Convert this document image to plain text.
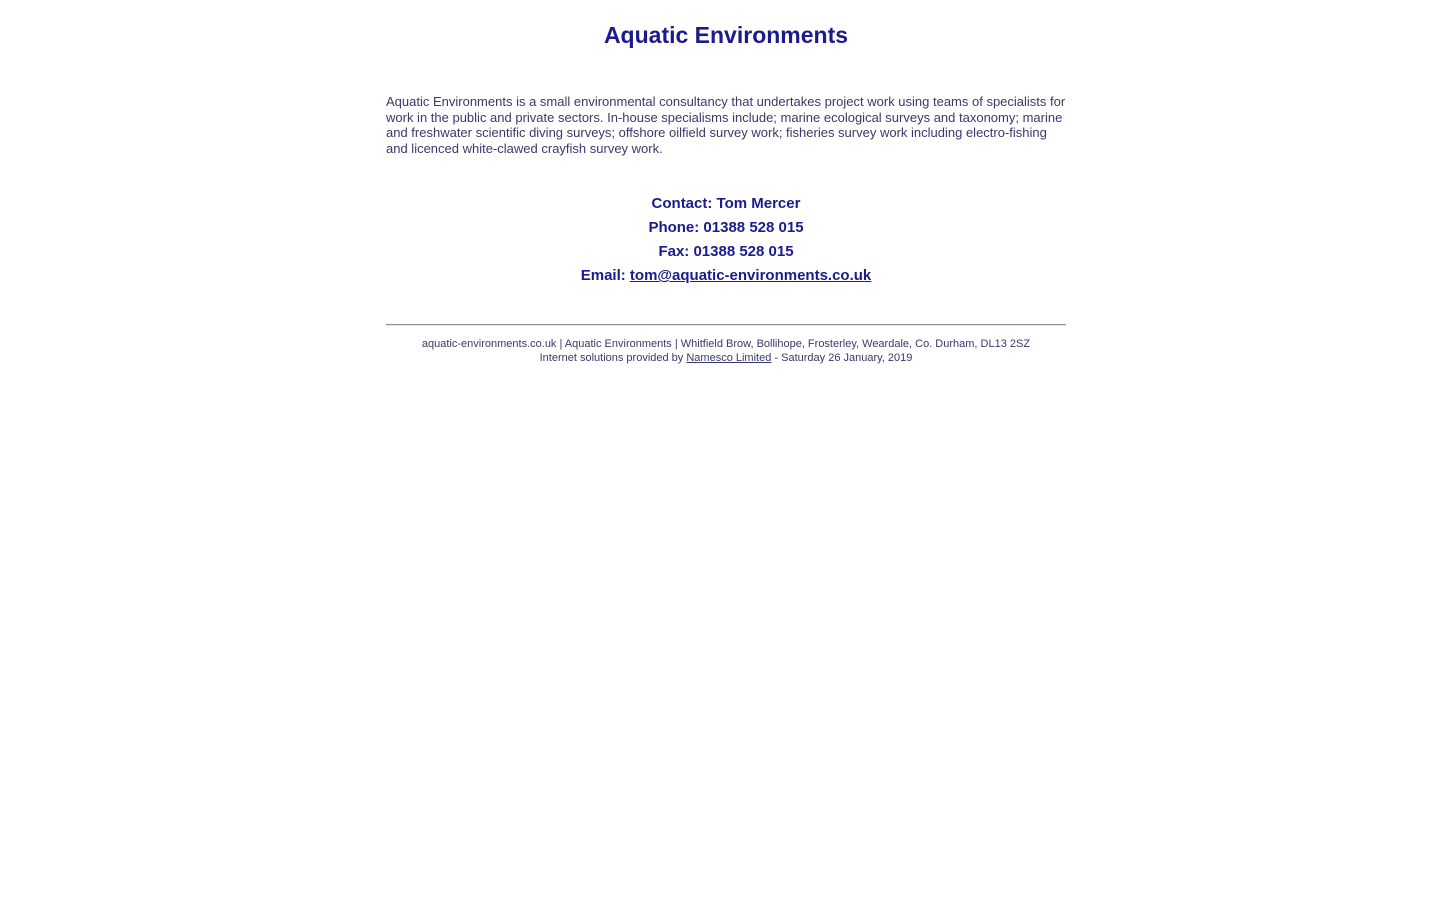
Aquatic Environments

Aquatic Environments is a small environmental consultancy that undertakes project work using teams of specialists for work in the public and private sectors. In-house specialisms include; marine ecological surveys and taxonomy; marine and freshwater scientific diving surveys; offshore oilfield survey work; fisheries survey work including electro-fishing and licenced white-clawed crayfish survey work.

Contact: Tom Mercer
Phone: 01388 528 015
Fax: 01388 528 015
Email: tom@aquatic-environments.co.uk
aquatic-environments.co.uk | Aquatic Environments | Whitfield Brow, Bollihope, Frosterley, Weardale, Co. Durham, DL13 2SZ
Internet solutions provided by Namesco Limited - Saturday 26 January, 2019
